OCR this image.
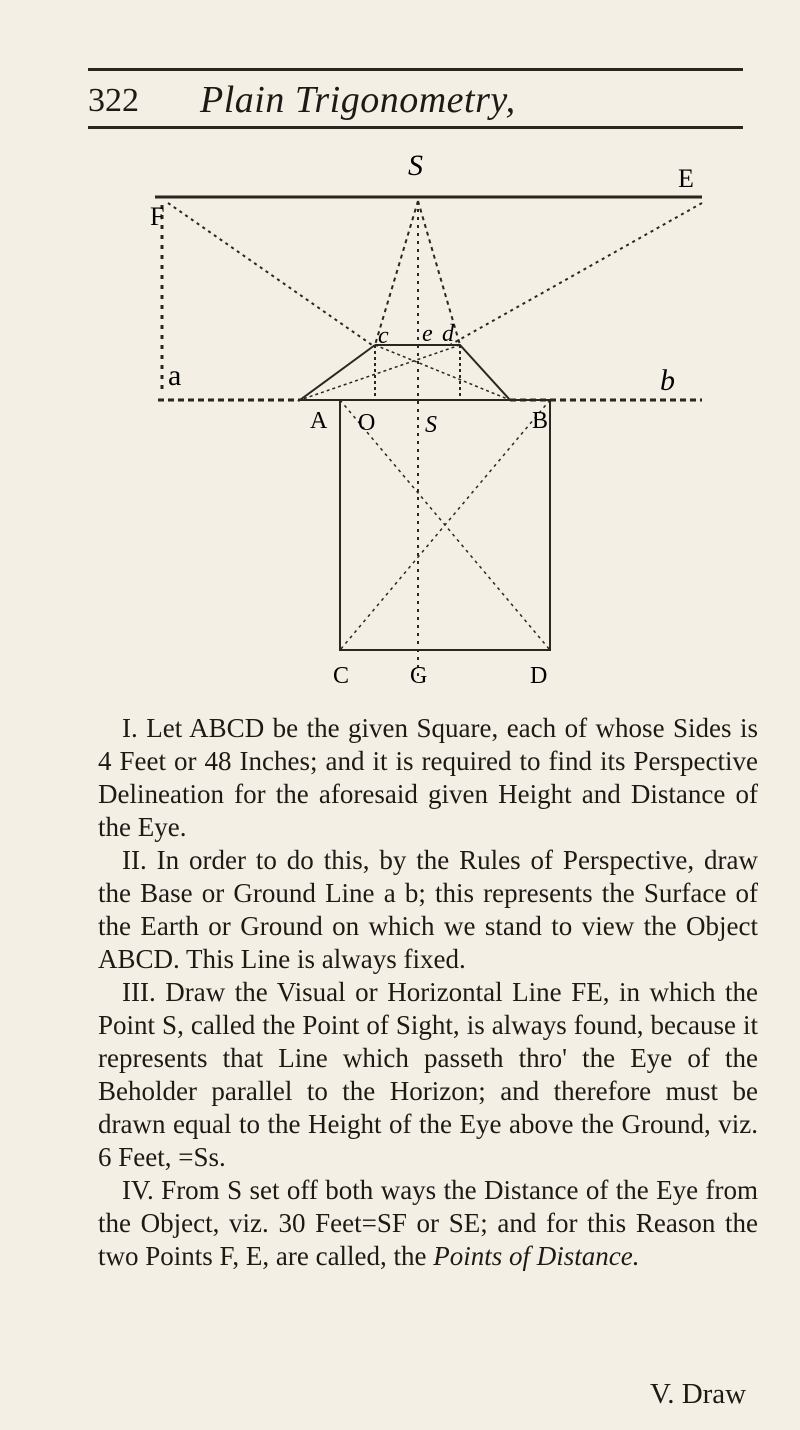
322 Plain Trigonometry,
S	E
F
a
A
b
B
c e d
O S
C	G	D

I. Let ABCD be the given Square, each of whose Sides is 4 Feet or 48 Inches; and it is required to find its Perspective Delineation for the aforesaid given Height and Distance of the Eye.

II. In order to do this, by the Rules of Perspective, draw the Base or Ground Line a b; this represents the Surface of the Earth or Ground on which we stand to view the Object ABCD. This Line is always fixed.

III. Draw the Visual or Horizontal Line FE, in which the Point S, called the Point of Sight, is always found, because it represents that Line which passeth thro' the Eye of the Beholder parallel to the Horizon; and therefore must be drawn equal to the Height of the Eye above the Ground, viz. 6 Feet, =Ss.

IV. From S set off both ways the Distance of the Eye from the Object, viz. 30 Feet=SF or SE; and for this Reason the two Points F, E, are called, the Points of Distance.

V. Draw
